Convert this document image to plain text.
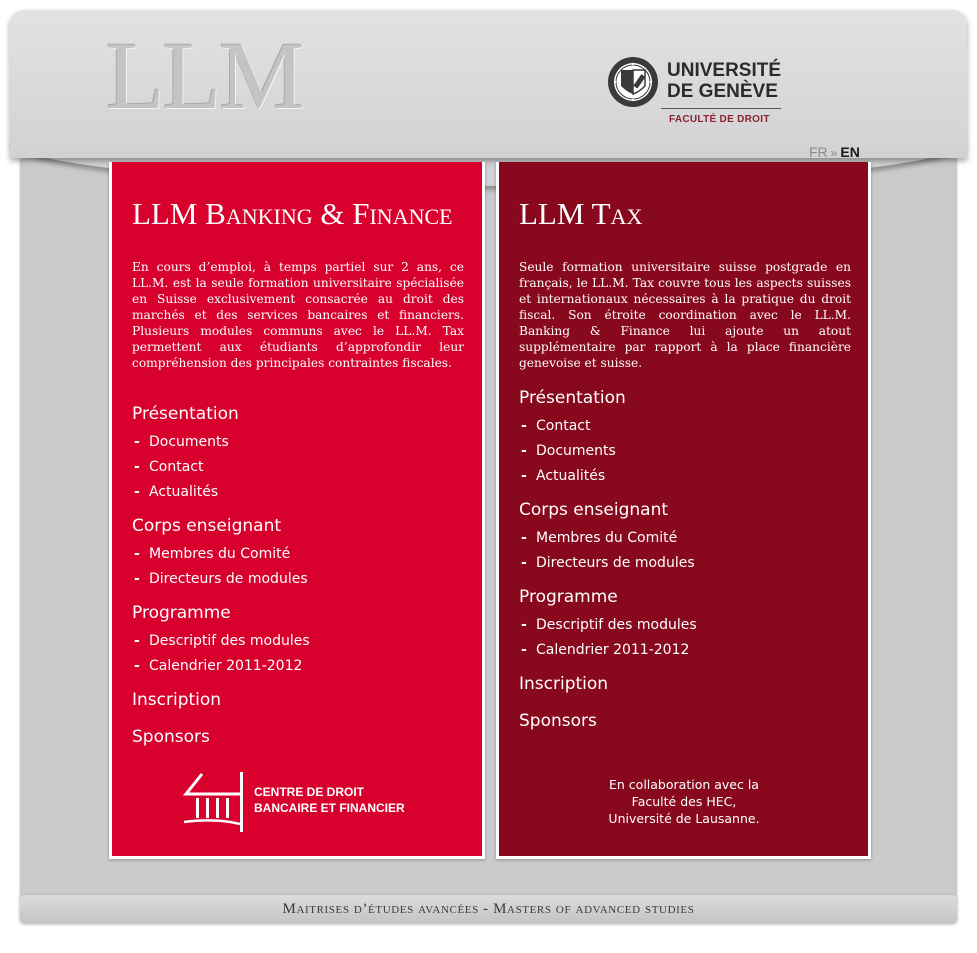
LLM	UNIVERSITÉ
DE GENÈVE
FACULTÉ DE DROIT
FR » EN
LLM Banking & Finance

En cours d’emploi, à temps partiel sur 2 ans, ce LL.M. est la seule formation universitaire spécialisée en Suisse exclusivement consacrée au droit des marchés et des services bancaires et financiers. Plusieurs modules communs avec le LL.M. Tax permettent aux étudiants d’approfondir leur compréhension des principales contraintes fiscales.

Présentation
- Documents
- Contact
- Actualités
Corps enseignant
- Membres du Comité
- Directeurs de modules
Programme
- Descriptif des modules
- Calendrier 2011-2012
Inscription
Sponsors
CENTRE DE DROIT
BANCAIRE ET FINANCIER
LLM Tax

Seule formation universitaire suisse postgrade en français, le LL.M. Tax couvre tous les aspects suisses et internationaux nécessaires à la pratique du droit fiscal. Son étroite coordination avec le LL.M. Banking & Finance lui ajoute un atout supplémentaire par rapport à la place financière genevoise et suisse.

Présentation
- Contact
- Documents
- Actualités
Corps enseignant
- Membres du Comité
- Directeurs de modules
Programme
- Descriptif des modules
- Calendrier 2011-2012
Inscription
Sponsors
En collaboration avec la
Faculté des HEC,
Université de Lausanne.
Maitrises d’études avancées - Masters of advanced studies
